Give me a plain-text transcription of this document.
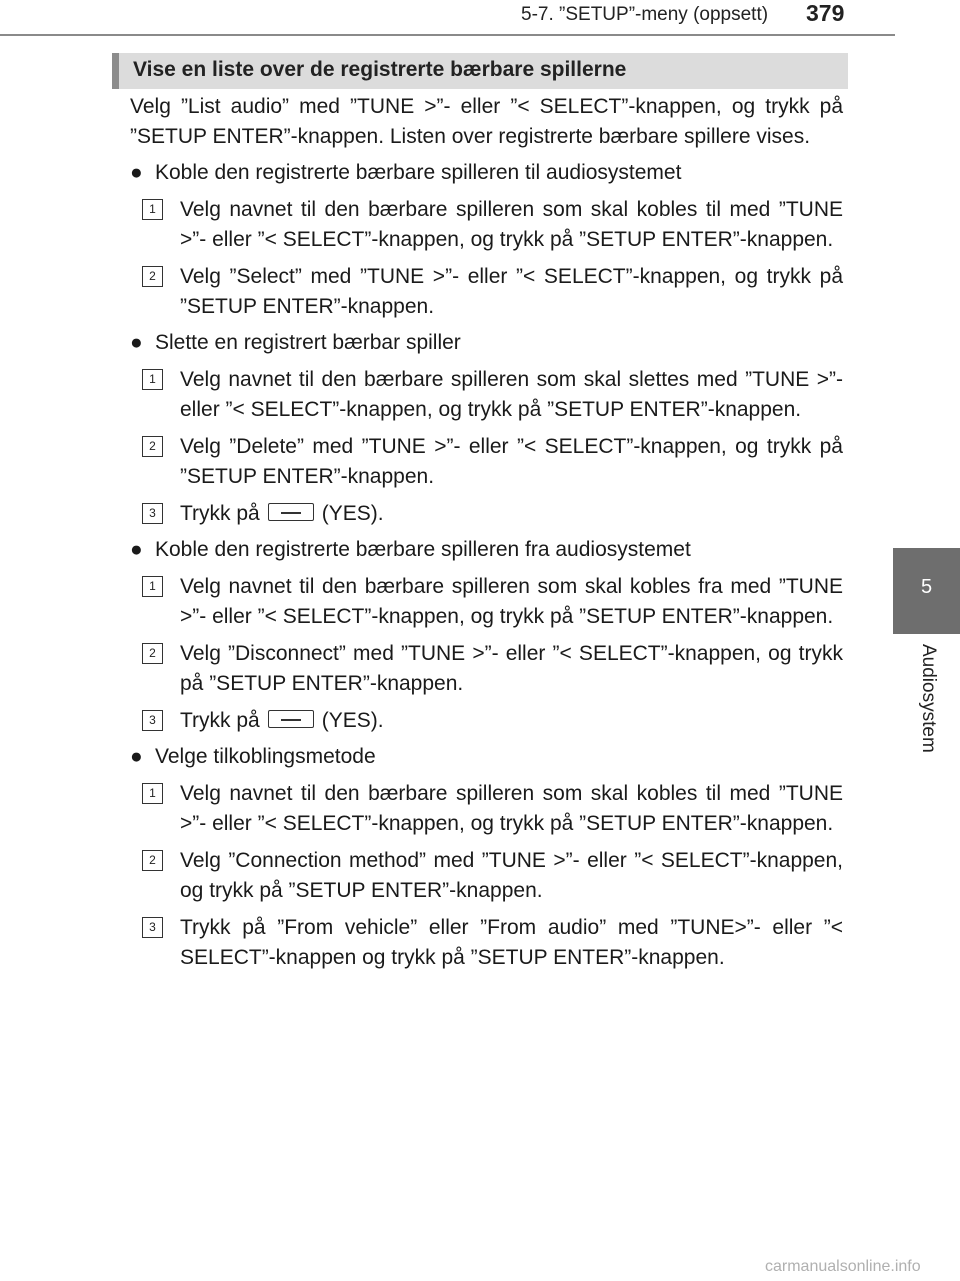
5-7. ”SETUP”-meny (oppsett) 379
5
Audiosystem
Vise en liste over de registrerte bærbare spillerne

Velg ”List audio” med ”TUNE >”- eller ”< SELECT”-knappen, og trykk på ”SETUP ENTER”-knappen. Listen over registrerte bærbare spillere vises.

● Koble den registrerte bærbare spilleren til audiosystemet

1	Velg navnet til den bærbare spilleren som skal kobles til med ”TUNE >”- eller ”< SELECT”-knappen, og trykk på ”SETUP ENTER”-knappen.

2	Velg ”Select” med ”TUNE >”- eller ”< SELECT”-knappen, og trykk på ”SETUP ENTER”-knappen.

● Slette en registrert bærbar spiller

1	Velg navnet til den bærbare spilleren som skal slettes med ”TUNE >”- eller ”< SELECT”-knappen, og trykk på ”SETUP ENTER”-knappen.

2	Velg ”Delete” med ”TUNE >”- eller ”< SELECT”-knappen, og trykk på ”SETUP ENTER”-knappen.

3	Trykk på	(YES).

● Koble den registrerte bærbare spilleren fra audiosystemet

1	Velg navnet til den bærbare spilleren som skal kobles fra med ”TUNE >”- eller ”< SELECT”-knappen, og trykk på ”SETUP ENTER”-knappen.

2	Velg ”Disconnect” med ”TUNE >”- eller ”< SELECT”-knappen, og trykk på ”SETUP ENTER”-knappen.

3	Trykk på	(YES).

● Velge tilkoblingsmetode

1	Velg navnet til den bærbare spilleren som skal kobles til med ”TUNE >”- eller ”< SELECT”-knappen, og trykk på ”SETUP ENTER”-knappen.

2	Velg ”Connection method” med ”TUNE >”- eller ”< SELECT”-knappen, og trykk på ”SETUP ENTER”-knappen.

3	Trykk på ”From vehicle” eller ”From audio” med ”TUNE>”- eller ”< SELECT”-knappen og trykk på ”SETUP ENTER”-knappen.

carmanualsonline.info
